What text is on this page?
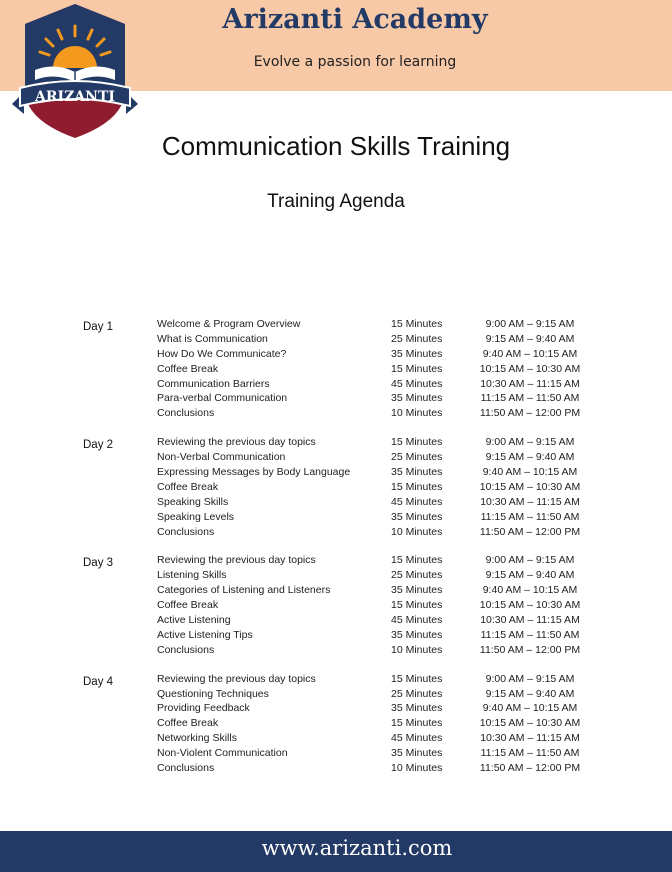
Arizanti Academy
Evolve a passion for learning
ARIZANTI
Communication Skills Training
Training Agenda
Day 1	Welcome & Program Overview	15 Minutes	9:00 AM – 9:15 AM
What is Communication	25 Minutes	9:15 AM – 9:40 AM
How Do We Communicate?	35 Minutes	9:40 AM – 10:15 AM
Coffee Break	15 Minutes	10:15 AM – 10:30 AM
Communication Barriers	45 Minutes	10:30 AM – 11:15 AM
Para-verbal Communication	35 Minutes	11:15 AM – 11:50 AM
Conclusions	10 Minutes	11:50 AM – 12:00 PM
Day 2	Reviewing the previous day topics	15 Minutes	9:00 AM – 9:15 AM
Non-Verbal Communication	25 Minutes	9:15 AM – 9:40 AM
Expressing Messages by Body Language	35 Minutes	9:40 AM – 10:15 AM
Coffee Break	15 Minutes	10:15 AM – 10:30 AM
Speaking Skills	45 Minutes	10:30 AM – 11:15 AM
Speaking Levels	35 Minutes	11:15 AM – 11:50 AM
Conclusions	10 Minutes	11:50 AM – 12:00 PM
Day 3	Reviewing the previous day topics	15 Minutes	9:00 AM – 9:15 AM
Listening Skills	25 Minutes	9:15 AM – 9:40 AM
Categories of Listening and Listeners	35 Minutes	9:40 AM – 10:15 AM
Coffee Break	15 Minutes	10:15 AM – 10:30 AM
Active Listening	45 Minutes	10:30 AM – 11:15 AM
Active Listening Tips	35 Minutes	11:15 AM – 11:50 AM
Conclusions	10 Minutes	11:50 AM – 12:00 PM
Day 4	Reviewing the previous day topics	15 Minutes	9:00 AM – 9:15 AM
Questioning Techniques	25 Minutes	9:15 AM – 9:40 AM
Providing Feedback	35 Minutes	9:40 AM – 10:15 AM
Coffee Break	15 Minutes	10:15 AM – 10:30 AM
Networking Skills	45 Minutes	10:30 AM – 11:15 AM
Non-Violent Communication	35 Minutes	11:15 AM – 11:50 AM
Conclusions	10 Minutes	11:50 AM – 12:00 PM
www.arizanti.com
